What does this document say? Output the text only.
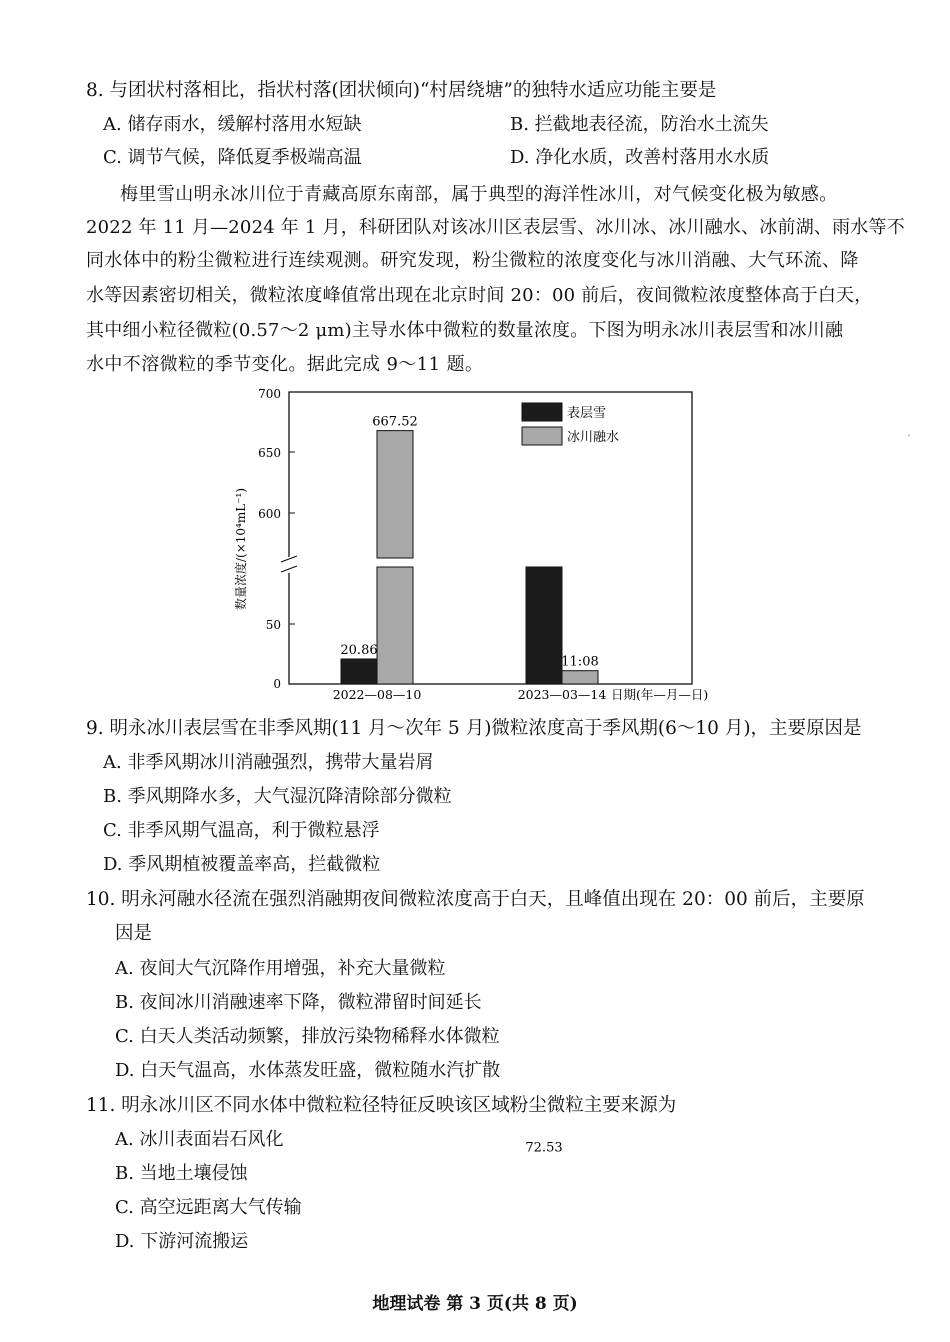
8. 与团状村落相比，指状村落(团状倾向)“村居绕塘”的独特水适应功能主要是
A. 储存雨水，缓解村落用水短缺	B. 拦截地表径流，防治水土流失
C. 调节气候，降低夏季极端高温	D. 净化水质，改善村落用水水质
梅里雪山明永冰川位于青藏高原东南部，属于典型的海洋性冰川，对气候变化极为敏感。
2022 年 11 月—2024 年 1 月，科研团队对该冰川区表层雪、冰川冰、冰川融水、冰前湖、雨水等不
同水体中的粉尘微粒进行连续观测。研究发现，粉尘微粒的浓度变化与冰川消融、大气环流、降
水等因素密切相关，微粒浓度峰值常出现在北京时间 20：00 前后，夜间微粒浓度整体高于白天，
其中细小粒径微粒(0.57～2 μm)主导水体中微粒的数量浓度。下图为明永冰川表层雪和冰川融
水中不溶微粒的季节变化。据此完成 9～11 题。
700
650
600
50
0
数量浓度/(×10⁴mL⁻¹)
20.86
667.52
72.53
11:08
2022—08—10	2023—03—14 日期(年—月—日)
表层雪
冰川融水	′
9. 明永冰川表层雪在非季风期(11 月～次年 5 月)微粒浓度高于季风期(6～10 月)，主要原因是
A. 非季风期冰川消融强烈，携带大量岩屑
B. 季风期降水多，大气湿沉降清除部分微粒
C. 非季风期气温高，利于微粒悬浮
D. 季风期植被覆盖率高，拦截微粒
10. 明永河融水径流在强烈消融期夜间微粒浓度高于白天，且峰值出现在 20：00 前后，主要原
因是
A. 夜间大气沉降作用增强，补充大量微粒
B. 夜间冰川消融速率下降，微粒滞留时间延长
C. 白天人类活动频繁，排放污染物稀释水体微粒
D. 白天气温高，水体蒸发旺盛，微粒随水汽扩散
11. 明永冰川区不同水体中微粒粒径特征反映该区域粉尘微粒主要来源为
A. 冰川表面岩石风化
B. 当地土壤侵蚀
C. 高空远距离大气传输
D. 下游河流搬运
地理试卷 第 3 页(共 8 页)
